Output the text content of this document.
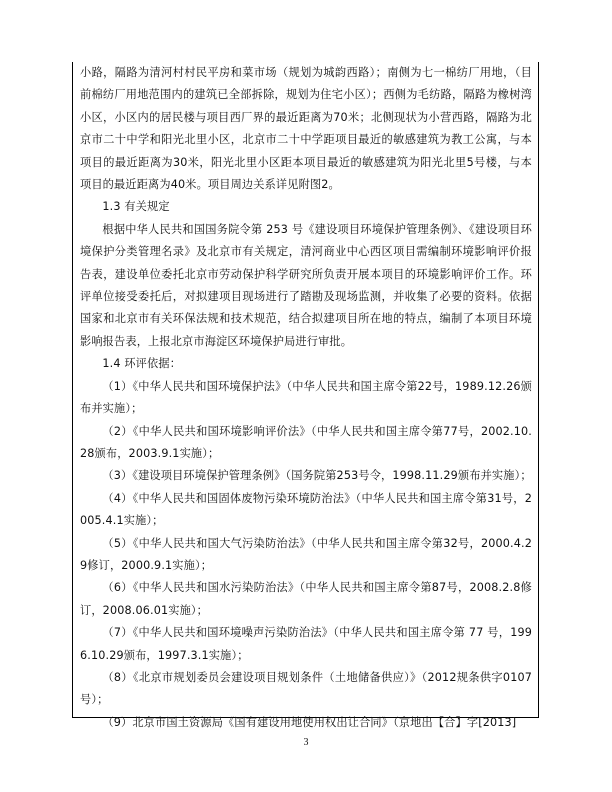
小路，隔路为清河村村民平房和菜市场（规划为城韵西路）；南侧为七一棉纺厂用地，（目前棉纺厂用地范围内的建筑已全部拆除，规划为住宅小区）；西侧为毛纺路，隔路为橡树湾小区，小区内的居民楼与项目西厂界的最近距离为70米；北侧现状为小营西路，隔路为北京市二十中学和阳光北里小区，北京市二十中学距项目最近的敏感建筑为教工公寓，与本项目的最近距离为30米，阳光北里小区距本项目最近的敏感建筑为阳光北里5号楼，与本项目的最近距离为40米。项目周边关系详见附图2。

1.3 有关规定

根据中华人民共和国国务院令第 253 号《建设项目环境保护管理条例》、《建设项目环境保护分类管理名录》及北京市有关规定，清河商业中心西区项目需编制环境影响评价报告表，建设单位委托北京市劳动保护科学研究所负责开展本项目的环境影响评价工作。环评单位接受委托后，对拟建项目现场进行了踏勘及现场监测，并收集了必要的资料。依据国家和北京市有关环保法规和技术规范，结合拟建项目所在地的特点，编制了本项目环境影响报告表，上报北京市海淀区环境保护局进行审批。

1.4 环评依据：

（1）《中华人民共和国环境保护法》（中华人民共和国主席令第22号，1989.12.26颁布并实施）；

（2）《中华人民共和国环境影响评价法》（中华人民共和国主席令第77号，2002.10.28颁布，2003.9.1实施）；

（3）《建设项目环境保护管理条例》（国务院第253号令，1998.11.29颁布并实施）；

（4）《中华人民共和国固体废物污染环境防治法》（中华人民共和国主席令第31号，2005.4.1实施）；

（5）《中华人民共和国大气污染防治法》（中华人民共和国主席令第32号，2000.4.29修订，2000.9.1实施）；

（6）《中华人民共和国水污染防治法》（中华人民共和国主席令第87号，2008.2.8修订，2008.06.01实施）；

（7）《中华人民共和国环境噪声污染防治法》（中华人民共和国主席令第 77 号，1996.10.29颁布，1997.3.1实施）；

（8）《北京市规划委员会建设项目规划条件（土地储备供应）》（2012规条供字0107号）；

（9）北京市国土资源局《国有建设用地使用权出让合同》（京地出【合】字[2013]

3
